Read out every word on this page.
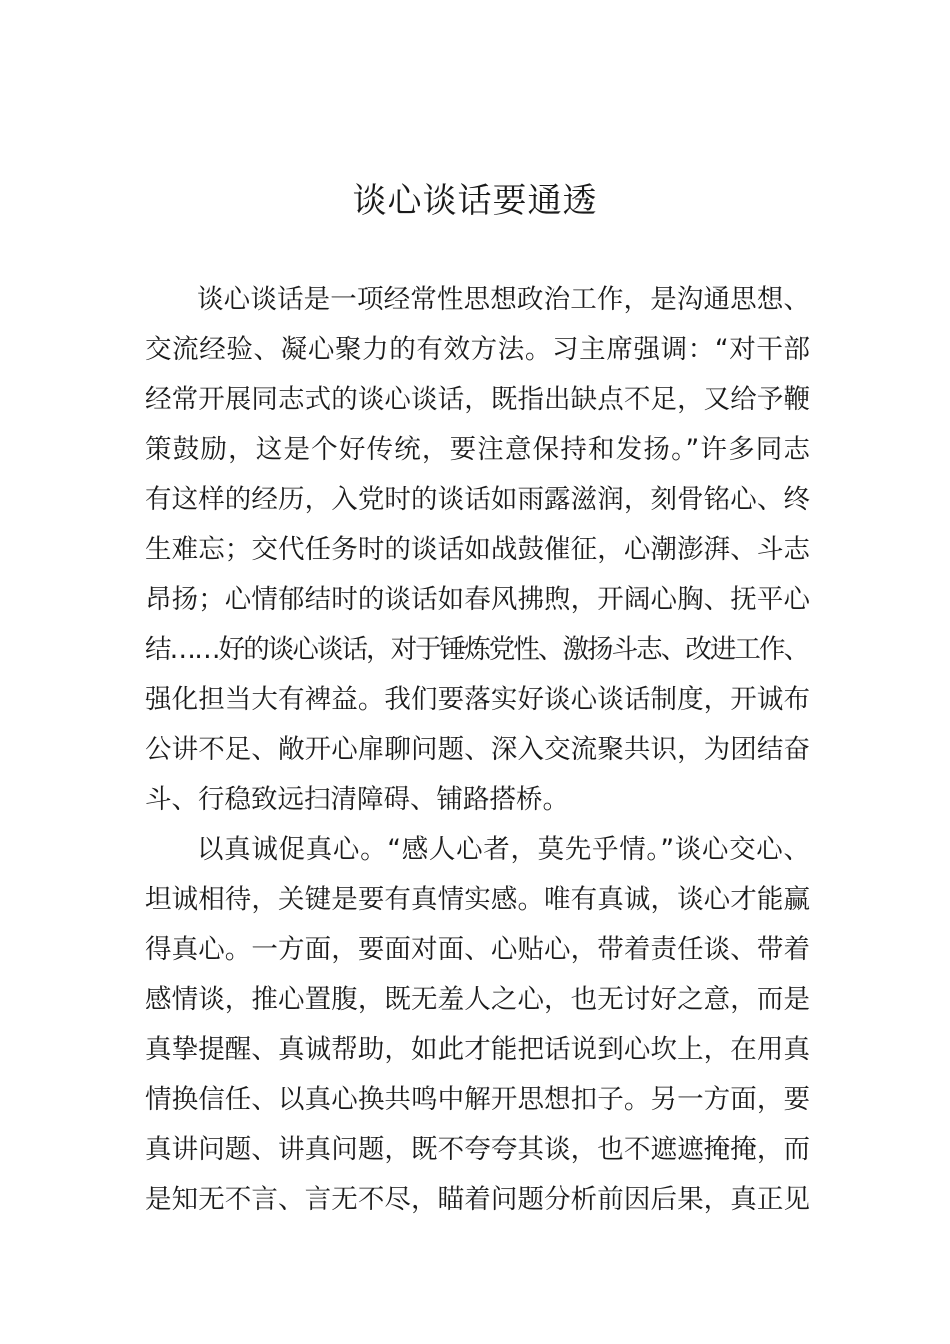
谈心谈话要通透
谈心谈话是一项经常性思想政治工作，是沟通思想、
交流经验、凝心聚力的有效方法。习主席强调：“对干部
经常开展同志式的谈心谈话，既指出缺点不足，又给予鞭
策鼓励，这是个好传统，要注意保持和发扬。”许多同志
有这样的经历，入党时的谈话如雨露滋润，刻骨铭心、终
生难忘；交代任务时的谈话如战鼓催征，心潮澎湃、斗志
昂扬；心情郁结时的谈话如春风拂煦，开阔心胸、抚平心
结……好的谈心谈话，对于锤炼党性、激扬斗志、改进工作、
强化担当大有裨益。我们要落实好谈心谈话制度，开诚布
公讲不足、敞开心扉聊问题、深入交流聚共识，为团结奋
斗、行稳致远扫清障碍、铺路搭桥。
以真诚促真心。“感人心者，莫先乎情。”谈心交心、
坦诚相待，关键是要有真情实感。唯有真诚，谈心才能赢
得真心。一方面，要面对面、心贴心，带着责任谈、带着
感情谈，推心置腹，既无羞人之心，也无讨好之意，而是
真挚提醒、真诚帮助，如此才能把话说到心坎上，在用真
情换信任、以真心换共鸣中解开思想扣子。另一方面，要
真讲问题、讲真问题，既不夸夸其谈，也不遮遮掩掩，而
是知无不言、言无不尽，瞄着问题分析前因后果，真正见
